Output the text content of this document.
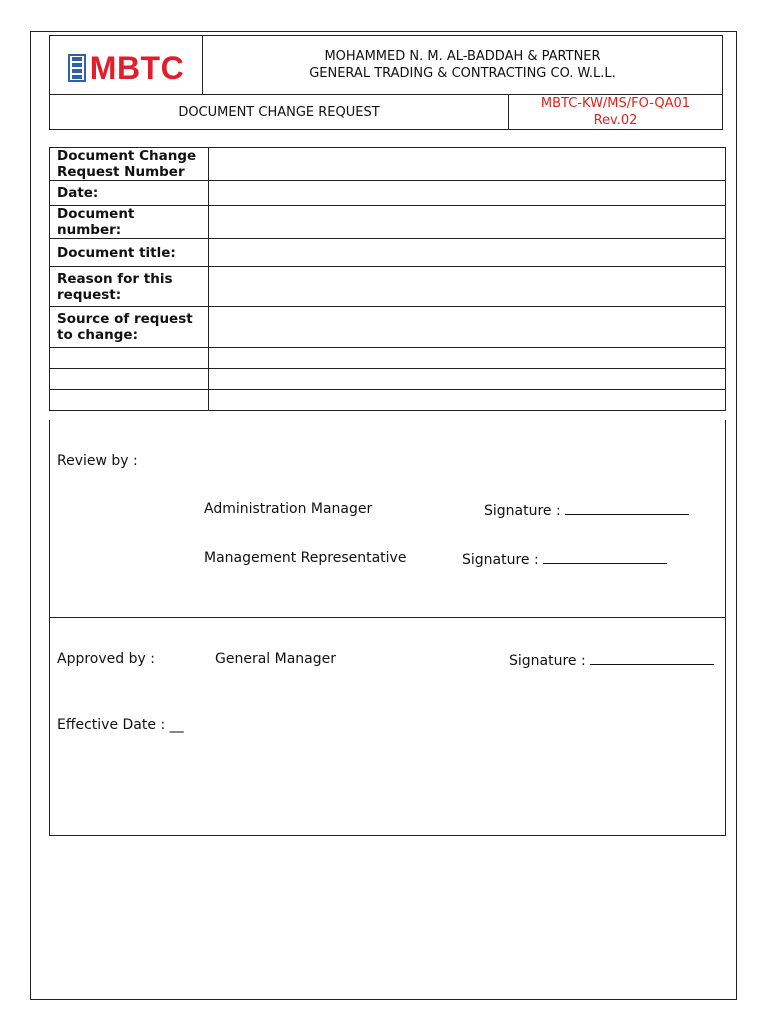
MBTC	MOHAMMED N. M. AL-BADDAH & PARTNER
GENERAL TRADING & CONTRACTING CO. W.L.L.	

DOCUMENT CHANGE REQUEST		MBTC-KW/MS/FO-QA01
Rev.02
Document Change Request Number	
Date:	
Document number:	
Document title:	
Reason for this request:	
Source of request to change:	

Review by :
Administration Manager	Signature :
Management Representative	Signature :
Approved by :	General Manager	Signature :
Effective Date : __
